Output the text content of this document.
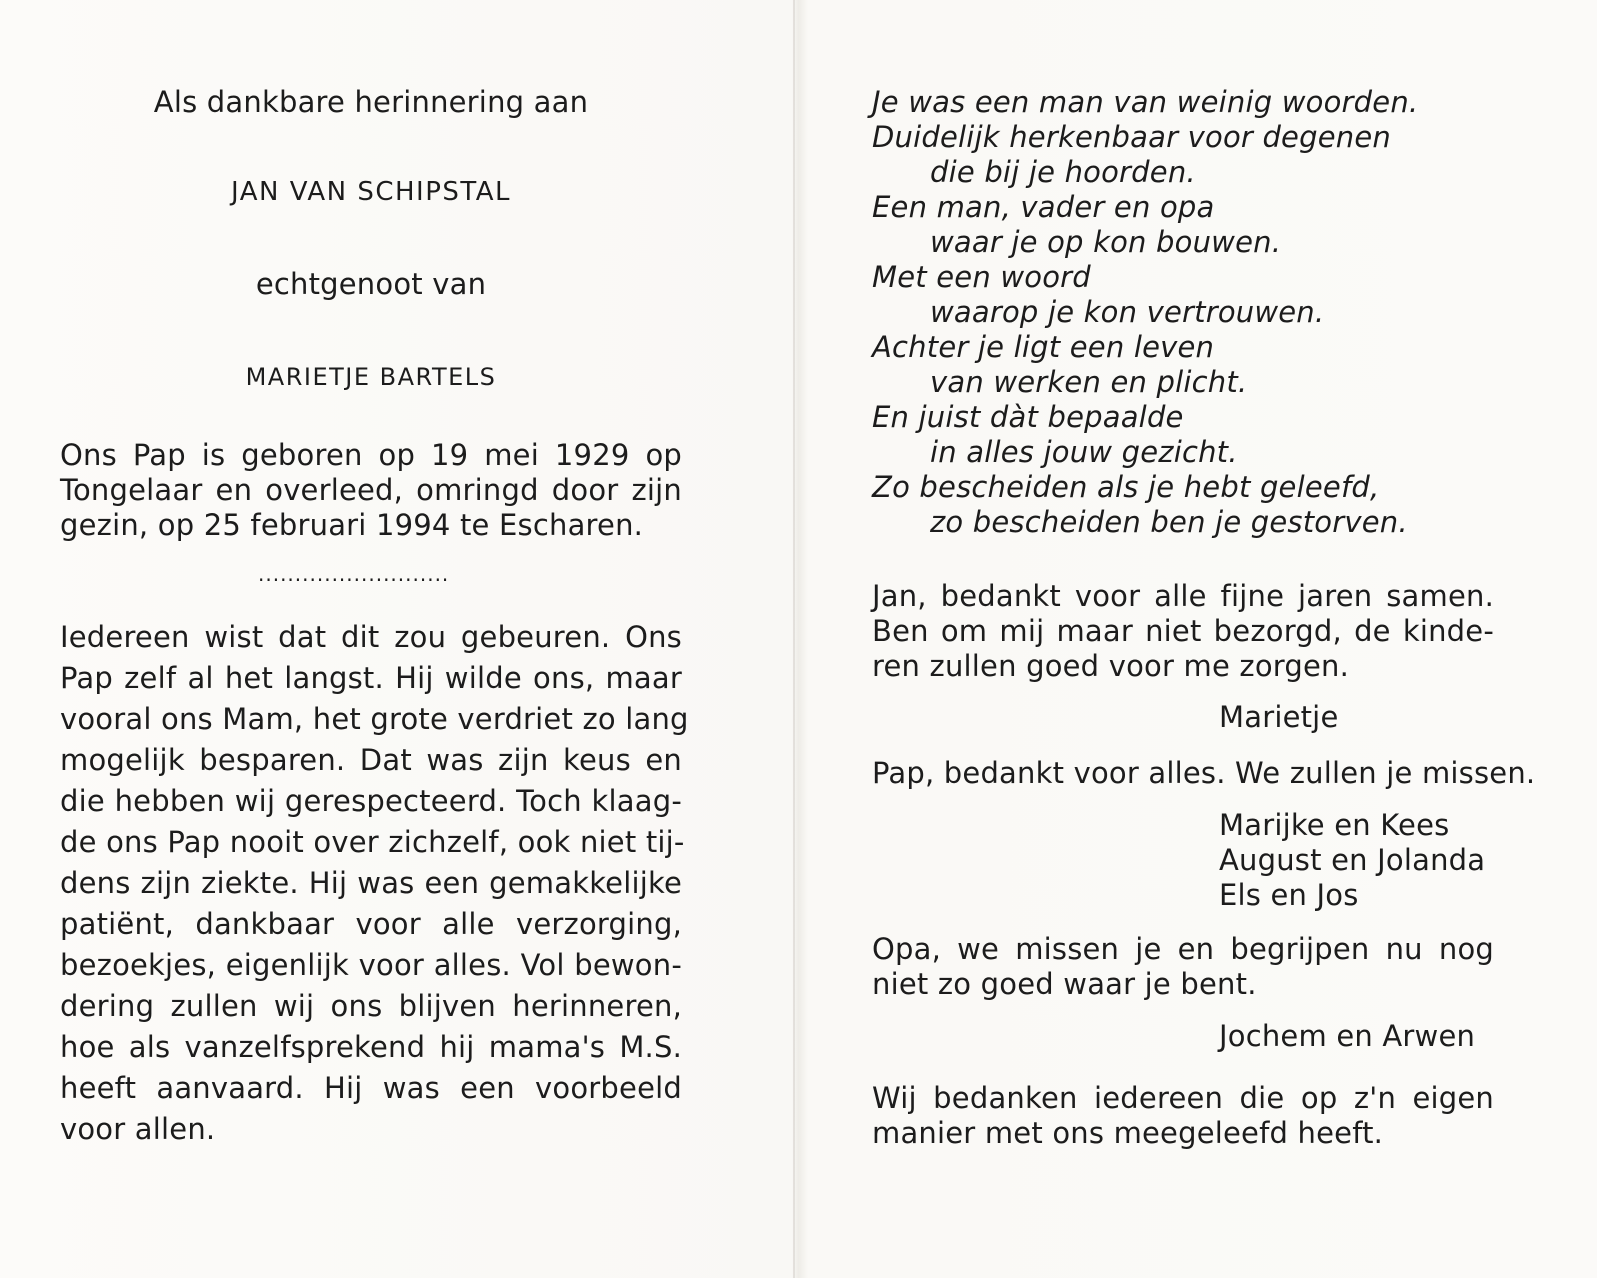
Als dankbare herinnering aan
JAN VAN SCHIPSTAL
echtgenoot van
MARIETJE BARTELS
Ons Pap is geboren op 19 mei 1929 op
Tongelaar en overleed, omringd door zijn
gezin, op 25 februari 1994 te Escharen.
..........................
Iedereen wist dat dit zou gebeuren. Ons
Pap zelf al het langst. Hij wilde ons, maar
vooral ons Mam, het grote verdriet zo lang
mogelijk besparen. Dat was zijn keus en
die hebben wij gerespecteerd. Toch klaag-
de ons Pap nooit over zichzelf, ook niet tij-
dens zijn ziekte. Hij was een gemakkelijke
patiënt, dankbaar voor alle verzorging,
bezoekjes, eigenlijk voor alles. Vol bewon-
dering zullen wij ons blijven herinneren,
hoe als vanzelfsprekend hij mama's M.S.
heeft aanvaard. Hij was een voorbeeld
voor allen.
Je was een man van weinig woorden.
Duidelijk herkenbaar voor degenen
die bij je hoorden.
Een man, vader en opa
waar je op kon bouwen.
Met een woord
waarop je kon vertrouwen.
Achter je ligt een leven
van werken en plicht.
En juist dàt bepaalde
in alles jouw gezicht.
Zo bescheiden als je hebt geleefd,
zo bescheiden ben je gestorven.
Jan, bedankt voor alle fijne jaren samen.
Ben om mij maar niet bezorgd, de kinde-
ren zullen goed voor me zorgen.
Marietje
Pap, bedankt voor alles. We zullen je missen.
Marijke en Kees
August en Jolanda
Els en Jos
Opa, we missen je en begrijpen nu nog
niet zo goed waar je bent.
Jochem en Arwen
Wij bedanken iedereen die op z'n eigen
manier met ons meegeleefd heeft.
